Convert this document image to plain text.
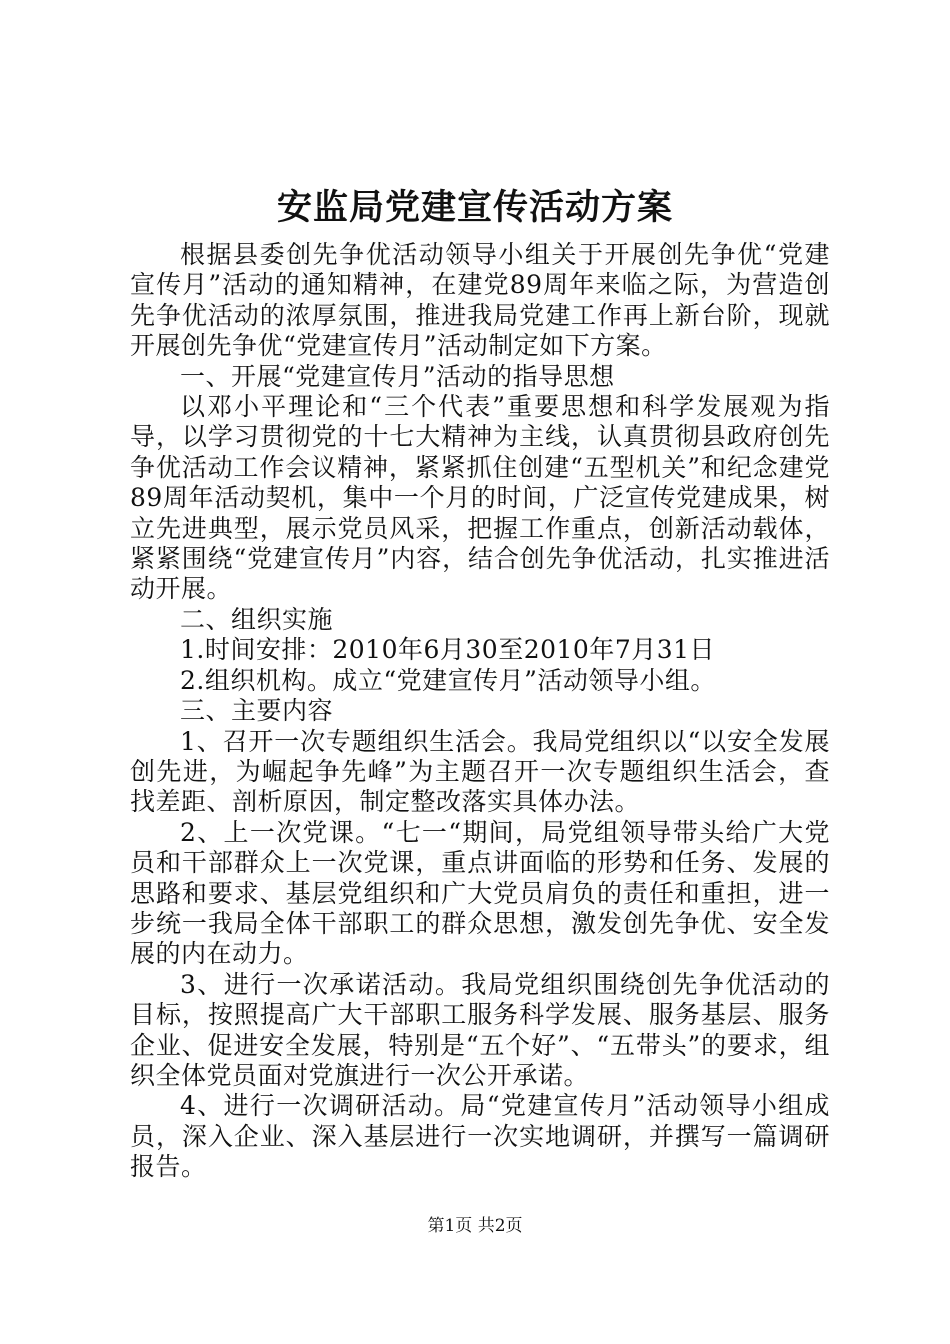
安监局党建宣传活动方案

根据县委创先争优活动领导小组关于开展创先争优“党建宣传月”活动的通知精神，在建党89周年来临之际，为营造创先争优活动的浓厚氛围，推进我局党建工作再上新台阶，现就开展创先争优“党建宣传月”活动制定如下方案。

一、开展“党建宣传月”活动的指导思想

以邓小平理论和“三个代表”重要思想和科学发展观为指导，以学习贯彻党的十七大精神为主线，认真贯彻县政府创先争优活动工作会议精神，紧紧抓住创建“五型机关”和纪念建党89周年活动契机，集中一个月的时间，广泛宣传党建成果，树立先进典型，展示党员风采，把握工作重点，创新活动载体，紧紧围绕“党建宣传月”内容，结合创先争优活动，扎实推进活动开展。

二、组织实施

1.时间安排：2010年6月30至2010年7月31日

2.组织机构。成立“党建宣传月”活动领导小组。

三、主要内容

1、召开一次专题组织生活会。我局党组织以“以安全发展创先进，为崛起争先峰”为主题召开一次专题组织生活会，查找差距、剖析原因，制定整改落实具体办法。

2、上一次党课。“七一“期间，局党组领导带头给广大党员和干部群众上一次党课，重点讲面临的形势和任务、发展的思路和要求、基层党组织和广大党员肩负的责任和重担，进一步统一我局全体干部职工的群众思想，激发创先争优、安全发展的内在动力。

3、进行一次承诺活动。我局党组织围绕创先争优活动的目标，按照提高广大干部职工服务科学发展、服务基层、服务企业、促进安全发展，特别是“五个好”、“五带头”的要求，组织全体党员面对党旗进行一次公开承诺。

4、进行一次调研活动。局“党建宣传月”活动领导小组成员，深入企业、深入基层进行一次实地调研，并撰写一篇调研报告。

第1页 共2页
